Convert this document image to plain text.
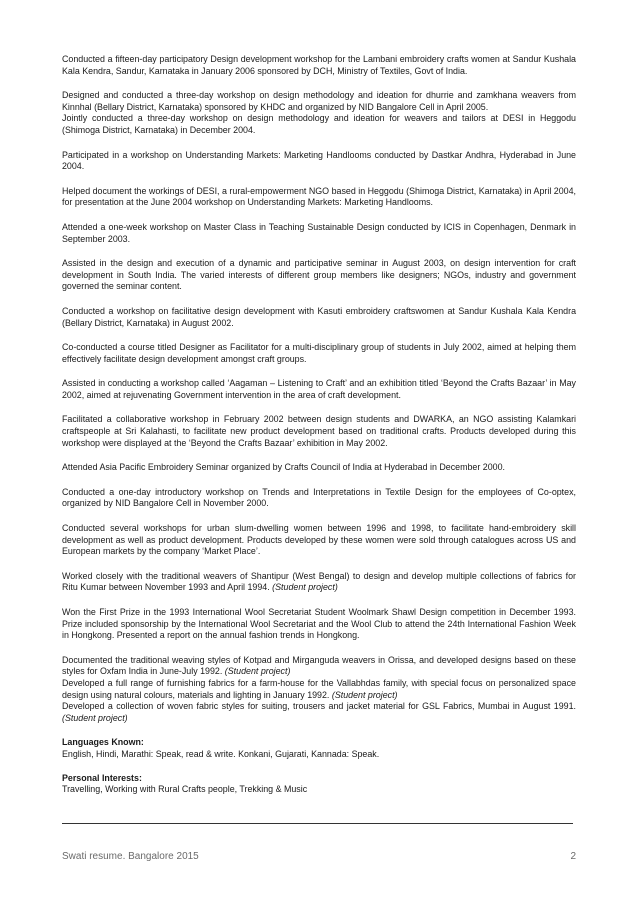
Conducted a fifteen-day participatory Design development workshop for the Lambani embroidery crafts women at Sandur Kushala Kala Kendra, Sandur, Karnataka in January 2006 sponsored by DCH, Ministry of Textiles, Govt of India.
Designed and conducted a three-day workshop on design methodology and ideation for dhurrie and zamkhana weavers from Kinnhal (Bellary District, Karnataka) sponsored by KHDC and organized by NID Bangalore Cell in April 2005.
Jointly conducted a three-day workshop on design methodology and ideation for weavers and tailors at DESI in Heggodu (Shimoga District, Karnataka) in December 2004.
Participated in a workshop on Understanding Markets: Marketing Handlooms conducted by Dastkar Andhra, Hyderabad in June 2004.
Helped document the workings of DESI, a rural-empowerment NGO based in Heggodu (Shimoga District, Karnataka) in April 2004, for presentation at the June 2004 workshop on Understanding Markets: Marketing Handlooms.
Attended a one-week workshop on Master Class in Teaching Sustainable Design conducted by ICIS in Copenhagen, Denmark in September 2003.
Assisted in the design and execution of a dynamic and participative seminar in August 2003, on design intervention for craft development in South India. The varied interests of different group members like designers; NGOs, industry and government governed the seminar content.
Conducted a workshop on facilitative design development with Kasuti embroidery craftswomen at Sandur Kushala Kala Kendra (Bellary District, Karnataka) in August 2002.
Co-conducted a course titled Designer as Facilitator for a multi-disciplinary group of students in July 2002, aimed at helping them effectively facilitate design development amongst craft groups.
Assisted in conducting a workshop called ‘Aagaman – Listening to Craft’ and an exhibition titled ‘Beyond the Crafts Bazaar’ in May 2002, aimed at rejuvenating Government intervention in the area of craft development.
Facilitated a collaborative workshop in February 2002 between design students and DWARKA, an NGO assisting Kalamkari craftspeople at Sri Kalahasti, to facilitate new product development based on traditional crafts. Products developed during this workshop were displayed at the ‘Beyond the Crafts Bazaar’ exhibition in May 2002.
Attended Asia Pacific Embroidery Seminar organized by Crafts Council of India at Hyderabad in December 2000.
Conducted a one-day introductory workshop on Trends and Interpretations in Textile Design for the employees of Co-optex, organized by NID Bangalore Cell in November 2000.
Conducted several workshops for urban slum-dwelling women between 1996 and 1998, to facilitate hand-embroidery skill development as well as product development. Products developed by these women were sold through catalogues across US and European markets by the company ‘Market Place’.
Worked closely with the traditional weavers of Shantipur (West Bengal) to design and develop multiple collections of fabrics for Ritu Kumar between November 1993 and April 1994. (Student project)
Won the First Prize in the 1993 International Wool Secretariat Student Woolmark Shawl Design competition in December 1993. Prize included sponsorship by the International Wool Secretariat and the Wool Club to attend the 24th International Fashion Week in Hongkong. Presented a report on the annual fashion trends in Hongkong.
Documented the traditional weaving styles of Kotpad and Mirganguda weavers in Orissa, and developed designs based on these styles for Oxfam India in June-July 1992. (Student project)
Developed a full range of furnishing fabrics for a farm-house for the Vallabhdas family, with special focus on personalized space design using natural colours, materials and lighting in January 1992. (Student project)
Developed a collection of woven fabric styles for suiting, trousers and jacket material for GSL Fabrics, Mumbai in August 1991. (Student project)
Languages Known:
English, Hindi, Marathi: Speak, read & write. Konkani, Gujarati, Kannada: Speak.
Personal Interests:
Travelling, Working with Rural Crafts people, Trekking & Music
Swati resume. Bangalore 2015	2
